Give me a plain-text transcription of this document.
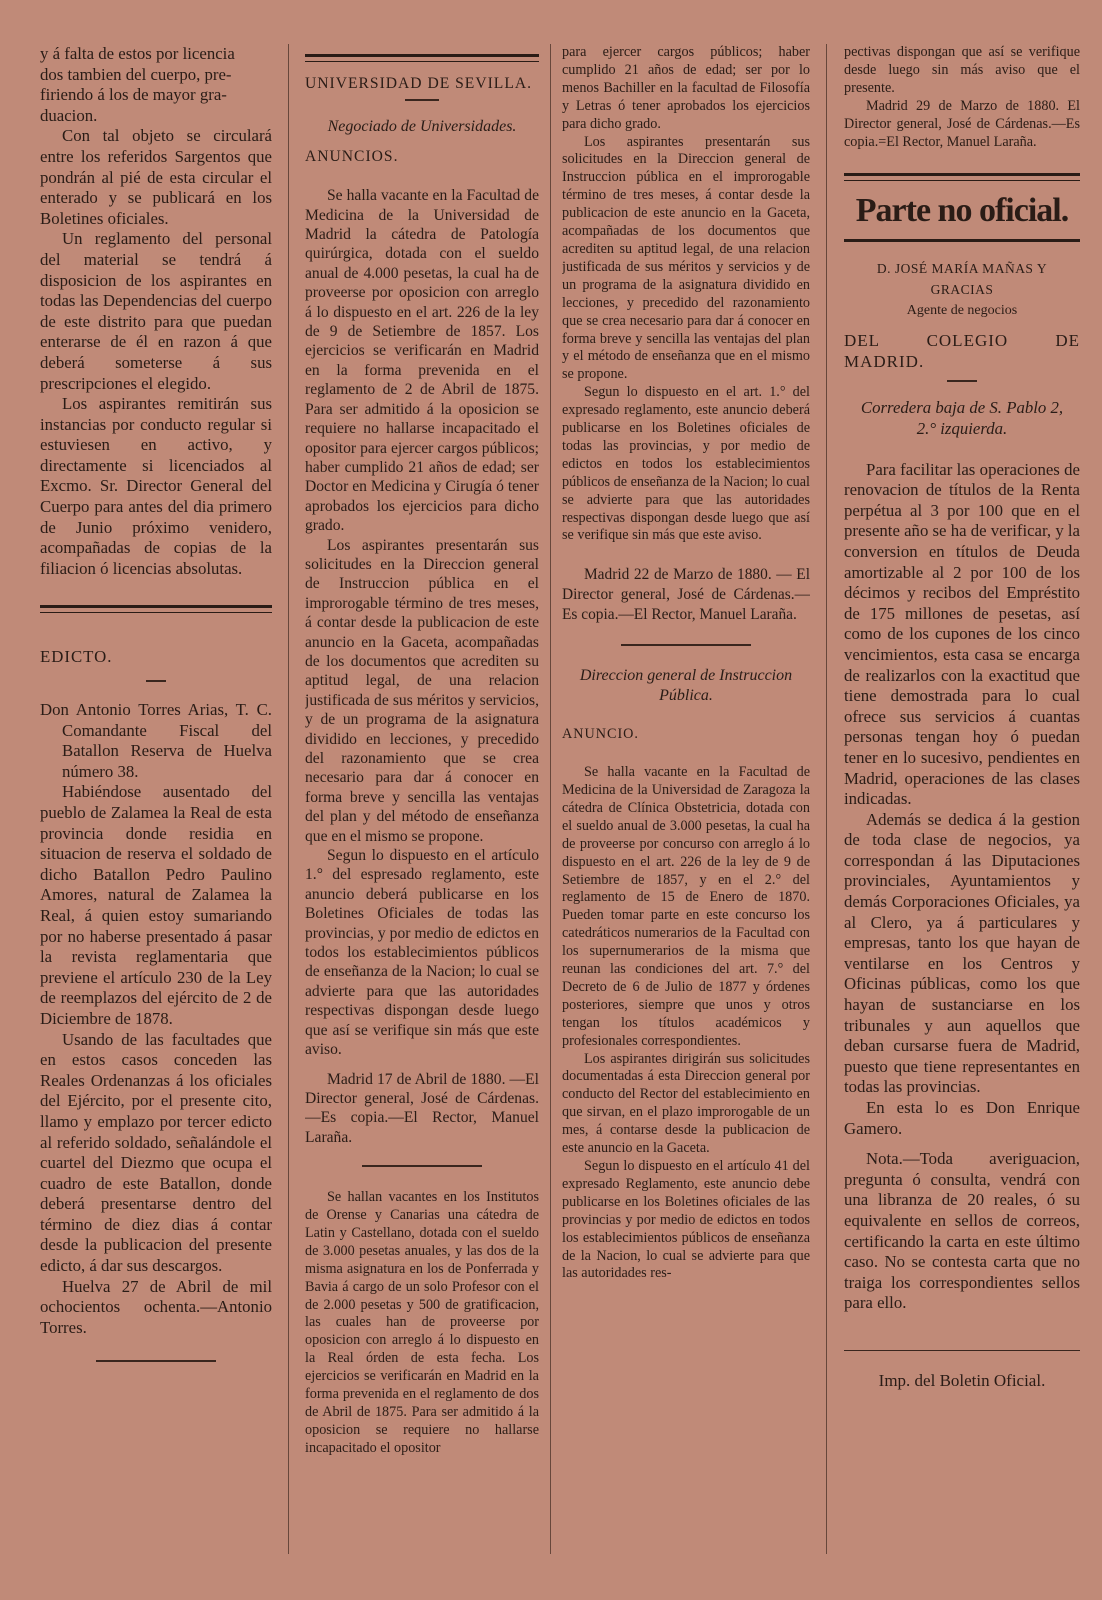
y á falta de estos por licencia

dos tambien del cuerpo, pre-

firiendo á los de mayor gra-

duacion.

Con tal objeto se circulará entre los referidos Sargentos que pondrán al pié de esta circular el enterado y se publicará en los Boletines oficiales.

Un reglamento del personal del material se tendrá á disposicion de los aspirantes en todas las Dependencias del cuerpo de este distrito para que puedan enterarse de él en razon á que deberá someterse á sus prescripciones el elegido.

Los aspirantes remitirán sus instancias por conducto regular si estuviesen en activo, y directamente si licenciados al Excmo. Sr. Director General del Cuerpo para antes del dia primero de Junio próximo venidero, acompañadas de copias de la filiacion ó licencias absolutas.

EDICTO.

Don Antonio Torres Arias, T. C. Comandante Fiscal del Batallon Reserva de Huelva número 38.

Habiéndose ausentado del pueblo de Zalamea la Real de esta provincia donde residia en situacion de reserva el soldado de dicho Batallon Pedro Paulino Amores, natural de Zalamea la Real, á quien estoy sumariando por no haberse presentado á pasar la revista reglamentaria que previene el artículo 230 de la Ley de reemplazos del ejército de 2 de Diciembre de 1878.

Usando de las facultades que en estos casos conceden las Reales Ordenanzas á los oficiales del Ejército, por el presente cito, llamo y emplazo por tercer edicto al referido soldado, señalándole el cuartel del Diezmo que ocupa el cuadro de este Batallon, donde deberá presentarse dentro del término de diez dias á contar desde la publicacion del presente edicto, á dar sus descargos.

Huelva 27 de Abril de mil ochocientos ochenta.—Antonio Torres.

UNIVERSIDAD DE SEVILLA.

Negociado de Universidades.

ANUNCIOS.

Se halla vacante en la Facultad de Medicina de la Universidad de Madrid la cátedra de Patología quirúrgica, dotada con el sueldo anual de 4.000 pesetas, la cual ha de proveerse por oposicion con arreglo á lo dispuesto en el art. 226 de la ley de 9 de Setiembre de 1857. Los ejercicios se verificarán en Madrid en la forma prevenida en el reglamento de 2 de Abril de 1875. Para ser admitido á la oposicion se requiere no hallarse incapacitado el opositor para ejercer cargos públicos; haber cumplido 21 años de edad; ser Doctor en Medicina y Cirugía ó tener aprobados los ejercicios para dicho grado.

Los aspirantes presentarán sus solicitudes en la Direccion general de Instruccion pública en el improrogable término de tres meses, á contar desde la publicacion de este anuncio en la Gaceta, acompañadas de los documentos que acrediten su aptitud legal, de una relacion justificada de sus méritos y servicios, y de un programa de la asignatura dividido en lecciones, y precedido del razonamiento que se crea necesario para dar á conocer en forma breve y sencilla las ventajas del plan y del método de enseñanza que en el mismo se propone.

Segun lo dispuesto en el artículo 1.° del espresado reglamento, este anuncio deberá publicarse en los Boletines Oficiales de todas las provincias, y por medio de edictos en todos los establecimientos públicos de enseñanza de la Nacion; lo cual se advierte para que las autoridades respectivas dispongan desde luego que así se verifique sin más que este aviso.

Madrid 17 de Abril de 1880. —El Director general, José de Cárdenas.—Es copia.—El Rector, Manuel Laraña.

Se hallan vacantes en los Institutos de Orense y Canarias una cátedra de Latin y Castellano, dotada con el sueldo de 3.000 pesetas anuales, y las dos de la misma asignatura en los de Ponferrada y Bavia á cargo de un solo Profesor con el de 2.000 pesetas y 500 de gratificacion, las cuales han de proveerse por oposicion con arreglo á lo dispuesto en la Real órden de esta fecha. Los ejercicios se verificarán en Madrid en la forma prevenida en el reglamento de dos de Abril de 1875. Para ser admitido á la oposicion se requiere no hallarse incapacitado el opositor

para ejercer cargos públicos; haber cumplido 21 años de edad; ser por lo menos Bachiller en la facultad de Filosofía y Letras ó tener aprobados los ejercicios para dicho grado.

Los aspirantes presentarán sus solicitudes en la Direccion general de Instruccion pública en el improrogable término de tres meses, á contar desde la publicacion de este anuncio en la Gaceta, acompañadas de los documentos que acrediten su aptitud legal, de una relacion justificada de sus méritos y servicios y de un programa de la asignatura dividido en lecciones, y precedido del razonamiento que se crea necesario para dar á conocer en forma breve y sencilla las ventajas del plan y el método de enseñanza que en el mismo se propone.

Segun lo dispuesto en el art. 1.° del expresado reglamento, este anuncio deberá publicarse en los Boletines oficiales de todas las provincias, y por medio de edictos en todos los establecimientos públicos de enseñanza de la Nacion; lo cual se advierte para que las autoridades respectivas dispongan desde luego que así se verifique sin más que este aviso.

Madrid 22 de Marzo de 1880. — El Director general, José de Cárdenas.—Es copia.—El Rector, Manuel Laraña.

Direccion general de Instruccion Pública.

ANUNCIO.

Se halla vacante en la Facultad de Medicina de la Universidad de Zaragoza la cátedra de Clínica Obstetricia, dotada con el sueldo anual de 3.000 pesetas, la cual ha de proveerse por concurso con arreglo á lo dispuesto en el art. 226 de la ley de 9 de Setiembre de 1857, y en el 2.° del reglamento de 15 de Enero de 1870. Pueden tomar parte en este concurso los catedráticos numerarios de la Facultad con los supernumerarios de la misma que reunan las condiciones del art. 7.° del Decreto de 6 de Julio de 1877 y órdenes posteriores, siempre que unos y otros tengan los títulos académicos y profesionales correspondientes.

Los aspirantes dirigirán sus solicitudes documentadas á esta Direccion general por conducto del Rector del establecimiento en que sirvan, en el plazo improrogable de un mes, á contarse desde la publicacion de este anuncio en la Gaceta.

Segun lo dispuesto en el artículo 41 del expresado Reglamento, este anuncio debe publicarse en los Boletines oficiales de las provincias y por medio de edictos en todos los establecimientos públicos de enseñanza de la Nacion, lo cual se advierte para que las autoridades res-

pectivas dispongan que así se verifique desde luego sin más aviso que el presente.

Madrid 29 de Marzo de 1880. El Director general, José de Cárdenas.—Es copia.=El Rector, Manuel Laraña.

Parte no oficial.

D. JOSÉ MARÍA MAÑAS Y GRACIAS

Agente de negocios

DEL COLEGIO DE MADRID.

Corredera baja de S. Pablo 2, 2.° izquierda.

Para facilitar las operaciones de renovacion de títulos de la Renta perpétua al 3 por 100 que en el presente año se ha de verificar, y la conversion en títulos de Deuda amortizable al 2 por 100 de los décimos y recibos del Empréstito de 175 millones de pesetas, así como de los cupones de los cinco vencimientos, esta casa se encarga de realizarlos con la exactitud que tiene demostrada para lo cual ofrece sus servicios á cuantas personas tengan hoy ó puedan tener en lo sucesivo, pendientes en Madrid, operaciones de las clases indicadas.

Además se dedica á la gestion de toda clase de negocios, ya correspondan á las Diputaciones provinciales, Ayuntamientos y demás Corporaciones Oficiales, ya al Clero, ya á particulares y empresas, tanto los que hayan de ventilarse en los Centros y Oficinas públicas, como los que hayan de sustanciarse en los tribunales y aun aquellos que deban cursarse fuera de Madrid, puesto que tiene representantes en todas las provincias.

En esta lo es Don Enrique Gamero.

Nota.—Toda averiguacion, pregunta ó consulta, vendrá con una libranza de 20 reales, ó su equivalente en sellos de correos, certificando la carta en este último caso. No se contesta carta que no traiga los correspondientes sellos para ello.

Imp. del Boletin Oficial.
